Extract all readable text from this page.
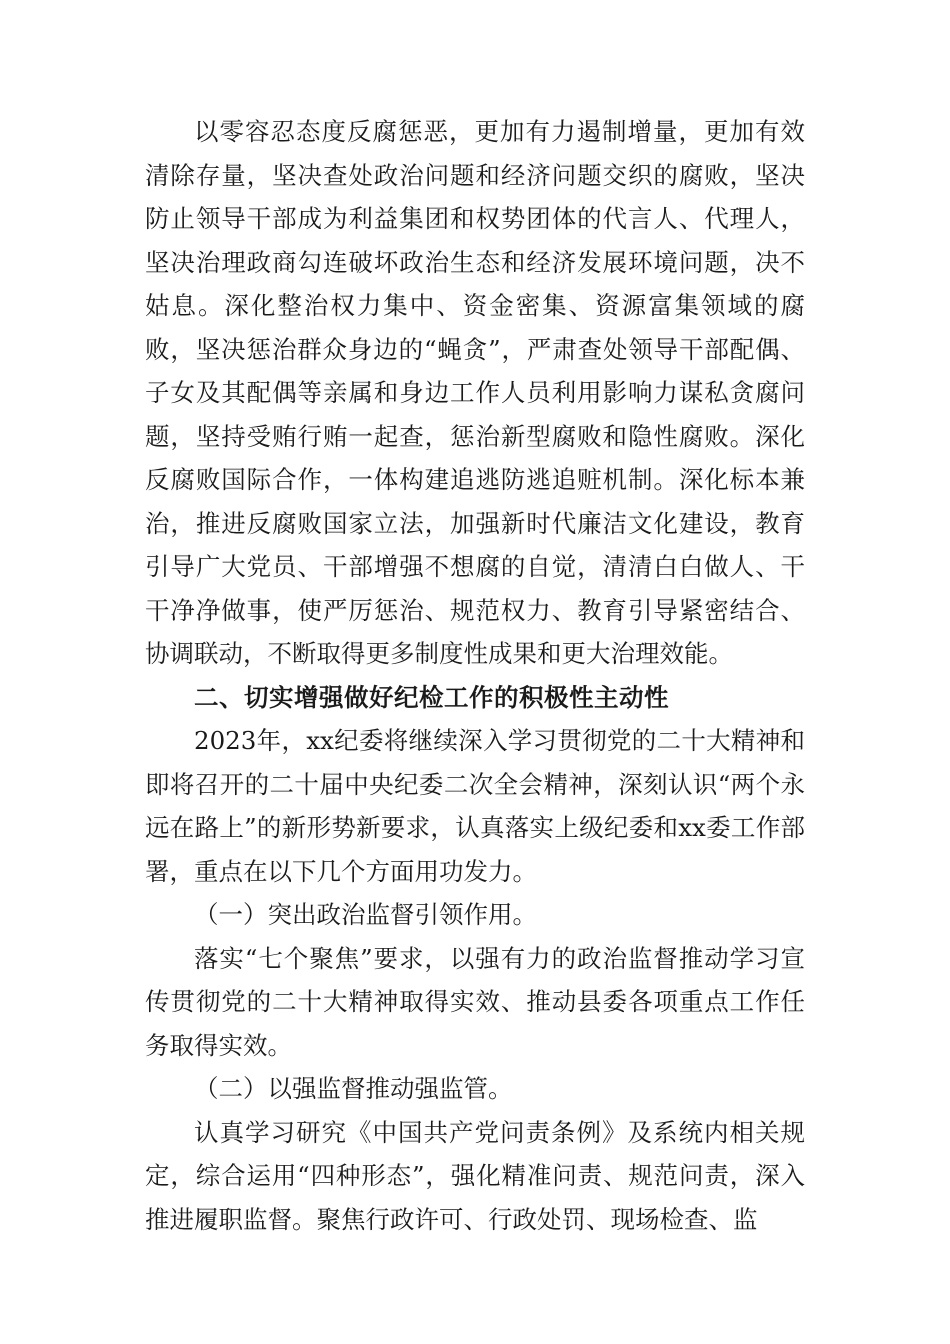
以零容忍态度反腐惩恶，更加有力遏制增量，更加有效清除存量，坚决查处政治问题和经济问题交织的腐败，坚决防止领导干部成为利益集团和权势团体的代言人、代理人，坚决治理政商勾连破坏政治生态和经济发展环境问题，决不姑息。深化整治权力集中、资金密集、资源富集领域的腐败，坚决惩治群众身边的“蝇贪”，严肃查处领导干部配偶、子女及其配偶等亲属和身边工作人员利用影响力谋私贪腐问题，坚持受贿行贿一起查，惩治新型腐败和隐性腐败。深化反腐败国际合作，一体构建追逃防逃追赃机制。深化标本兼治，推进反腐败国家立法，加强新时代廉洁文化建设，教育引导广大党员、干部增强不想腐的自觉，清清白白做人、干干净净做事，使严厉惩治、规范权力、教育引导紧密结合、协调联动，不断取得更多制度性成果和更大治理效能。

二、切实增强做好纪检工作的积极性主动性

2023年，xx纪委将继续深入学习贯彻党的二十大精神和即将召开的二十届中央纪委二次全会精神，深刻认识“两个永远在路上”的新形势新要求，认真落实上级纪委和xx委工作部署，重点在以下几个方面用功发力。

（一）突出政治监督引领作用。

落实“七个聚焦”要求，以强有力的政治监督推动学习宣传贯彻党的二十大精神取得实效、推动县委各项重点工作任务取得实效。

（二）以强监督推动强监管。

认真学习研究《中国共产党问责条例》及系统内相关规定，综合运用“四种形态”，强化精准问责、规范问责，深入推进履职监督。聚焦行政许可、行政处罚、现场检查、监
